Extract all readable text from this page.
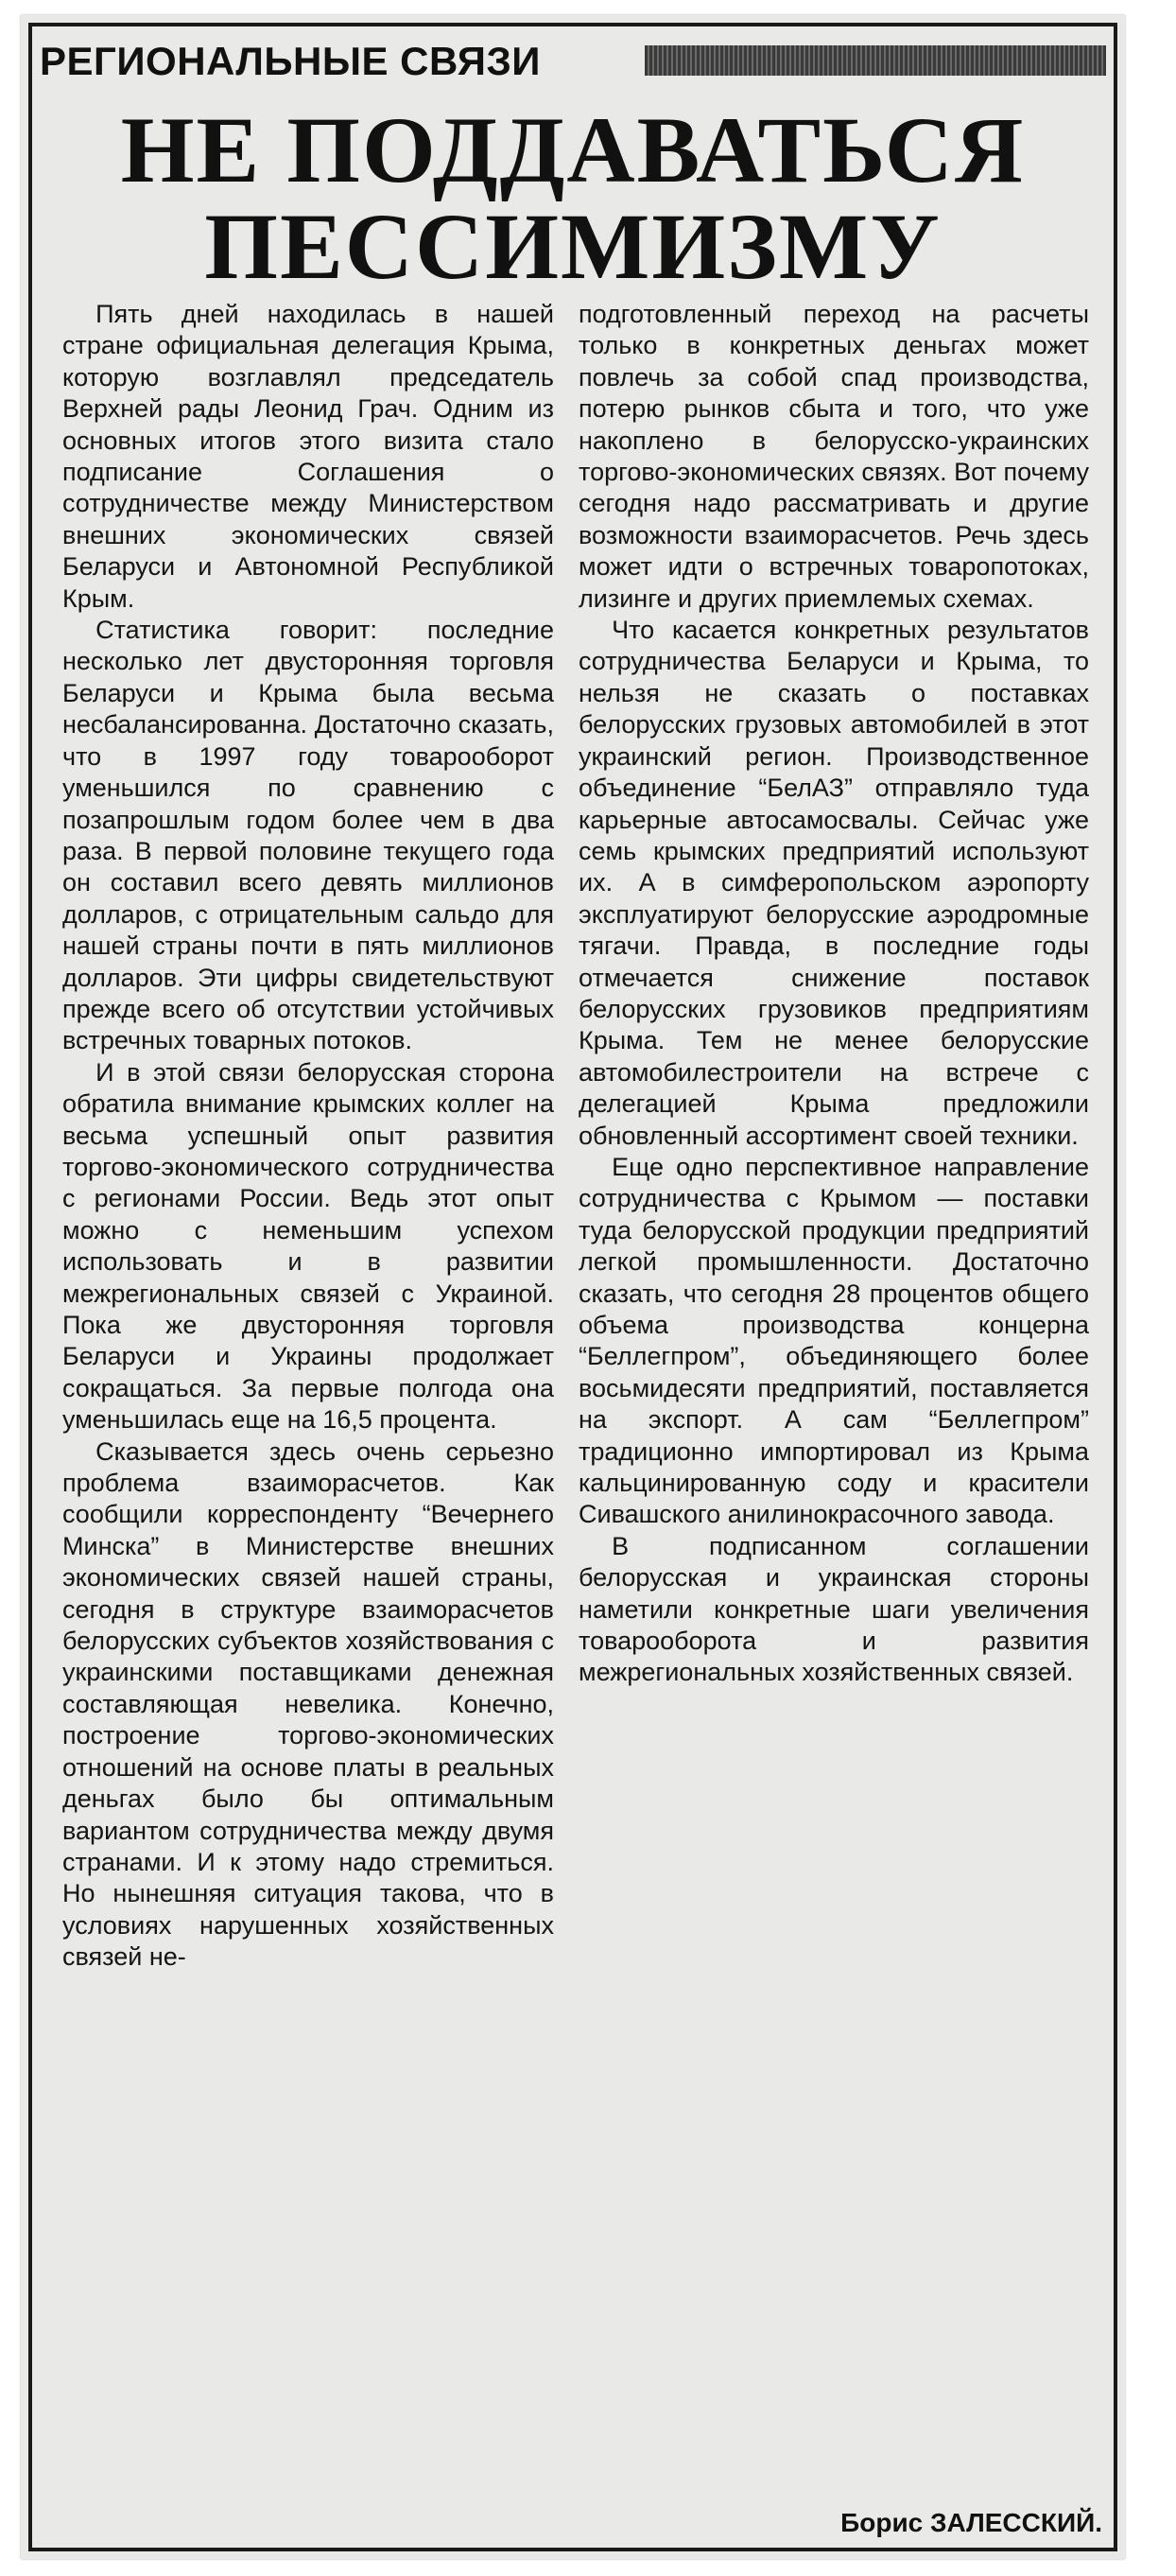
РЕГИОНАЛЬНЫЕ СВЯЗИ
НЕ ПОДДАВАТЬСЯ
ПЕССИМИЗМУ

Пять дней находилась в нашей стране официальная делегация Крыма, которую возглавлял председатель Верхней рады Леонид Грач. Одним из основных итогов этого визита стало подписание Соглашения о сотрудничестве между Министерством внешних экономических связей Беларуси и Автономной Республикой Крым.

Статистика говорит: последние несколько лет двусторонняя торговля Беларуси и Крыма была весьма несбалансированна. Достаточно сказать, что в 1997 году товарооборот уменьшился по сравнению с позапрошлым годом более чем в два раза. В первой половине текущего года он составил всего девять миллионов долларов, с отрицательным сальдо для нашей страны почти в пять миллионов долларов. Эти цифры свидетельствуют прежде всего об отсутствии устойчивых встречных товарных потоков.

И в этой связи белорусская сторона обратила внимание крымских коллег на весьма успешный опыт развития торгово-экономического сотрудничества с регионами России. Ведь этот опыт можно с неменьшим успехом использовать и в развитии межрегиональных связей с Украиной. Пока же двусторонняя торговля Беларуси и Украины продолжает сокращаться. За первые полгода она уменьшилась еще на 16,5 процента.

Сказывается здесь очень серьезно проблема взаиморасчетов. Как сообщили корреспонденту “Вечернего Минска” в Министерстве внешних экономических связей нашей страны, сегодня в структуре взаиморасчетов белорусских субъектов хозяйствования с украинскими поставщиками денежная составляющая невелика. Конечно, построение торгово-экономических отношений на основе платы в реальных деньгах было бы оптимальным вариантом сотрудничества между двумя странами. И к этому надо стремиться. Но нынешняя ситуация такова, что в условиях нарушенных хозяйственных связей не-

подготовленный переход на расчеты только в конкретных деньгах может повлечь за собой спад производства, потерю рынков сбыта и того, что уже накоплено в белорусско-украинских торгово-экономических связях. Вот почему сегодня надо рассматривать и другие возможности взаиморасчетов. Речь здесь может идти о встречных товаропотоках, лизинге и других приемлемых схемах.

Что касается конкретных результатов сотрудничества Беларуси и Крыма, то нельзя не сказать о поставках белорусских грузовых автомобилей в этот украинский регион. Производственное объединение “БелАЗ” отправляло туда карьерные автосамосвалы. Сейчас уже семь крымских предприятий используют их. А в симферопольском аэропорту эксплуатируют белорусские аэродромные тягачи. Правда, в последние годы отмечается снижение поставок белорусских грузовиков предприятиям Крыма. Тем не менее белорусские автомобилестроители на встрече с делегацией Крыма предложили обновленный ассортимент своей техники.

Еще одно перспективное направление сотрудничества с Крымом — поставки туда белорусской продукции предприятий легкой промышленности. Достаточно сказать, что сегодня 28 процентов общего объема производства концерна “Беллегпром”, объединяющего более восьмидесяти предприятий, поставляется на экспорт. А сам “Беллегпром” традиционно импортировал из Крыма кальцинированную соду и красители Сивашского анилинокрасочного завода.

В подписанном соглашении белорусская и украинская стороны наметили конкретные шаги увеличения товарооборота и развития межрегиональных хозяйственных связей.

Борис ЗАЛЕССКИЙ.
